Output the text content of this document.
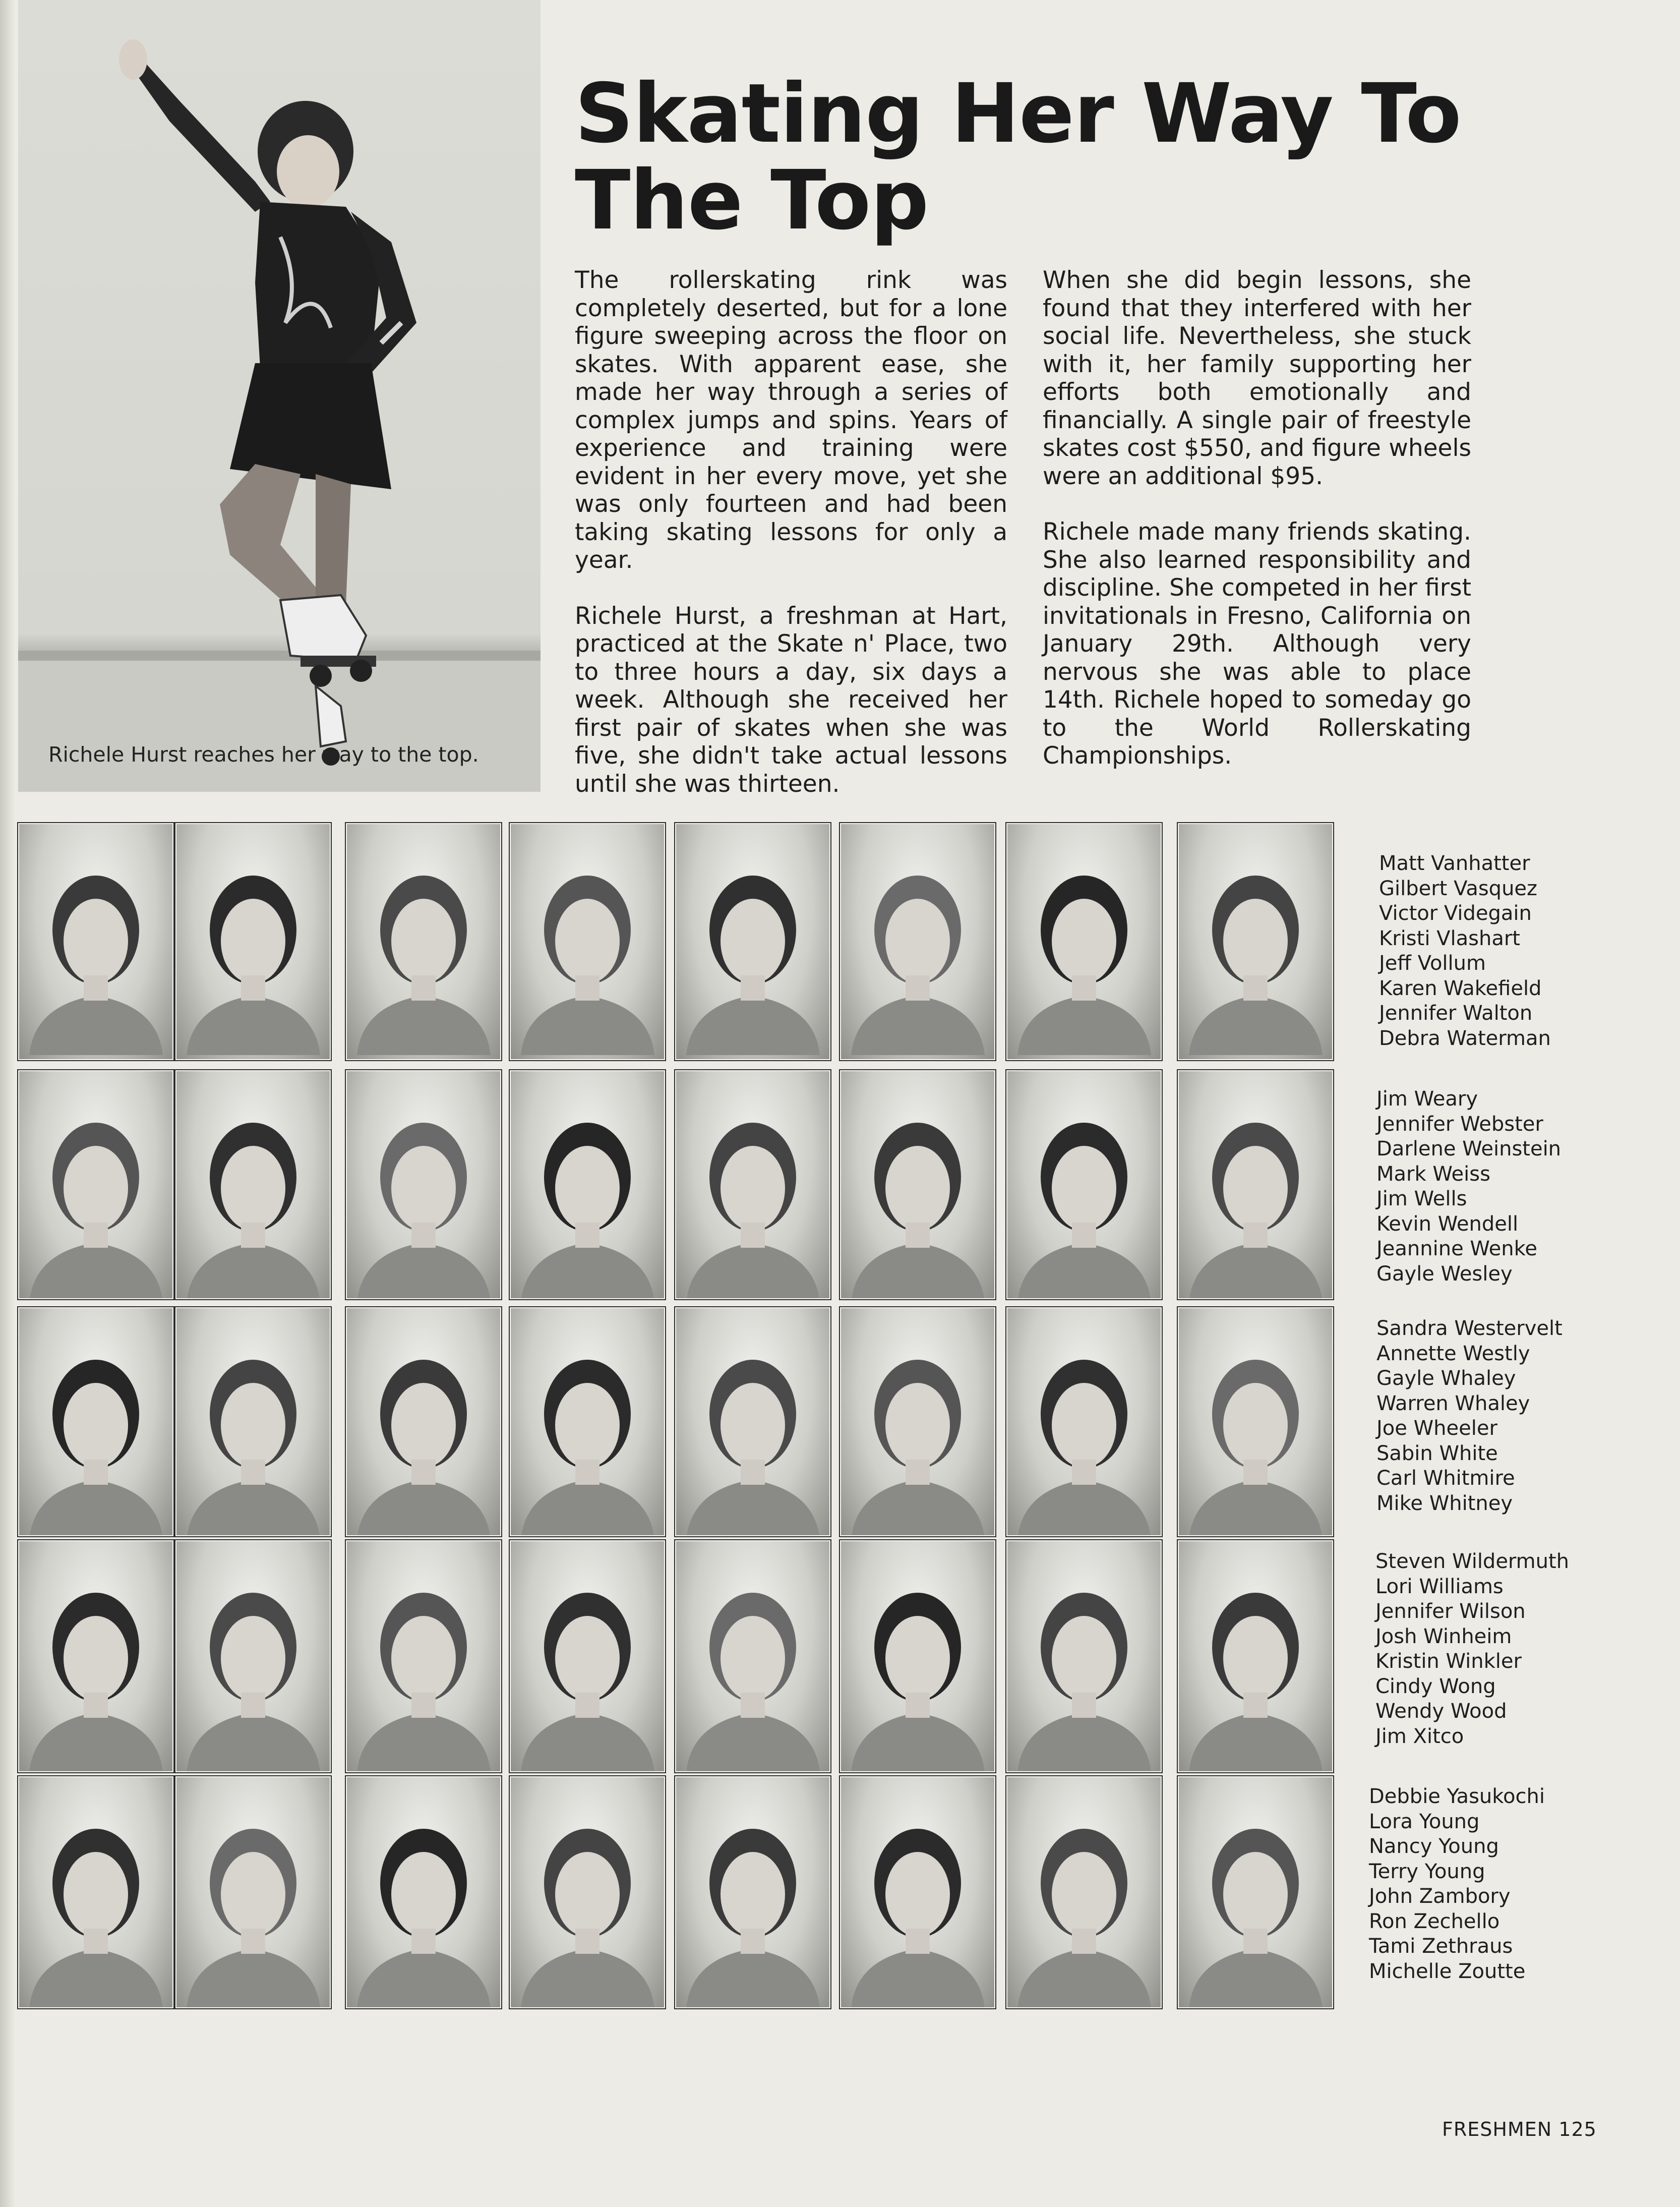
Richele Hurst reaches her way to the top.
Skating Her Way To
The Top

The rollerskating rink was completely deserted, but for a lone figure sweeping across the floor on skates. With apparent ease, she made her way through a series of complex jumps and spins. Years of experience and training were evident in her every move, yet she was only fourteen and had been taking skating lessons for only a year.

Richele Hurst, a freshman at Hart, practiced at the Skate n' Place, two to three hours a day, six days a week. Although she received her first pair of skates when she was five, she didn't take actual lessons until she was thirteen.

When she did begin lessons, she found that they interfered with her social life. Nevertheless, she stuck with it, her family supporting her efforts both emotionally and financially. A single pair of freestyle skates cost $550, and figure wheels were an additional $95.

Richele made many friends skating. She also learned responsibility and discipline. She competed in her first invitationals in Fresno, California on January 29th. Although very nervous she was able to place 14th. Richele hoped to someday go to the World Rollerskating Championships.

Matt Vanhatter
Gilbert Vasquez
Victor Videgain
Kristi Vlashart
Jeff Vollum
Karen Wakefield
Jennifer Walton
Debra Waterman
Jim Weary
Jennifer Webster
Darlene Weinstein
Mark Weiss
Jim Wells
Kevin Wendell
Jeannine Wenke
Gayle Wesley
Sandra Westervelt
Annette Westly
Gayle Whaley
Warren Whaley
Joe Wheeler
Sabin White
Carl Whitmire
Mike Whitney
Steven Wildermuth
Lori Williams
Jennifer Wilson
Josh Winheim
Kristin Winkler
Cindy Wong
Wendy Wood
Jim Xitco
Debbie Yasukochi
Lora Young
Nancy Young
Terry Young
John Zambory
Ron Zechello
Tami Zethraus
Michelle Zoutte
FRESHMEN 125
